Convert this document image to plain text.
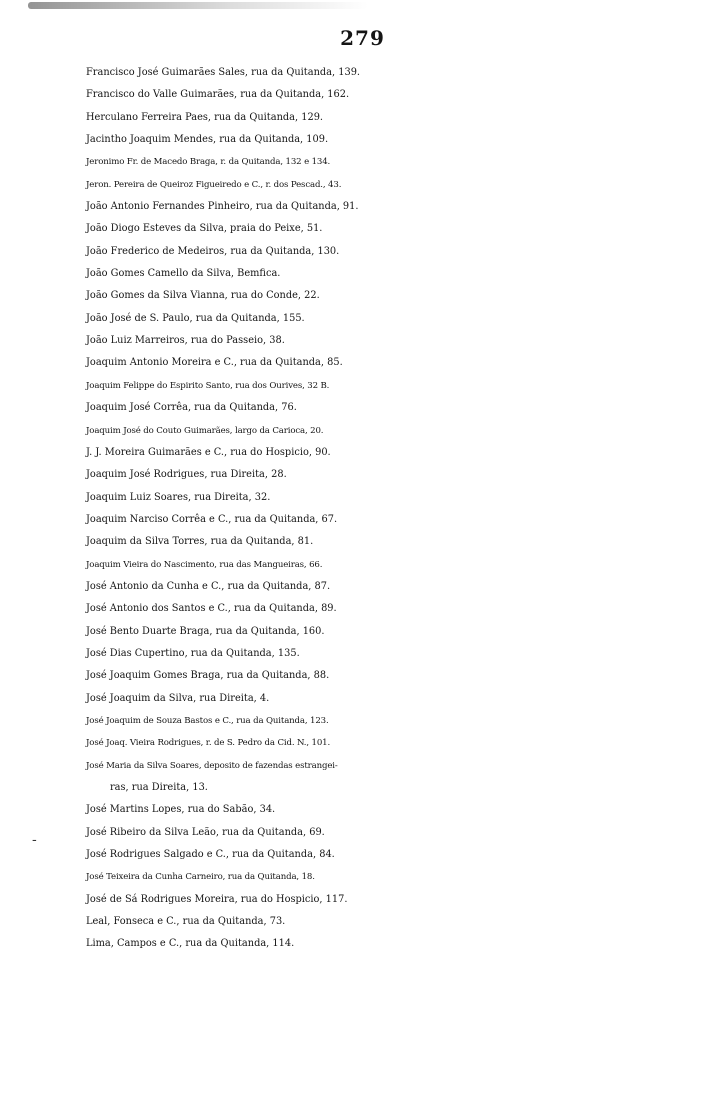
279
Francisco José Guimarães Sales, rua da Quitanda, 139.
Francisco do Valle Guimarães, rua da Quitanda, 162.
Herculano Ferreira Paes, rua da Quitanda, 129.
Jacintho Joaquim Mendes, rua da Quitanda, 109.
Jeronimo Fr. de Macedo Braga, r. da Quitanda, 132 e 134.
Jeron. Pereira de Queiroz Figueiredo e C., r. dos Pescad., 43.
João Antonio Fernandes Pinheiro, rua da Quitanda, 91.
João Diogo Esteves da Silva, praia do Peixe, 51.
João Frederico de Medeiros, rua da Quitanda, 130.
João Gomes Camello da Silva, Bemfica.
João Gomes da Silva Vianna, rua do Conde, 22.
João José de S. Paulo, rua da Quitanda, 155.
João Luiz Marreiros, rua do Passeio, 38.
Joaquim Antonio Moreira e C., rua da Quitanda, 85.
Joaquim Felippe do Espirito Santo, rua dos Ourives, 32 B.
Joaquim José Corrêa, rua da Quitanda, 76.
Joaquim José do Couto Guimarães, largo da Carioca, 20.
J. J. Moreira Guimarães e C., rua do Hospicio, 90.
Joaquim José Rodrigues, rua Direita, 28.
Joaquim Luiz Soares, rua Direita, 32.
Joaquim Narciso Corrêa e C., rua da Quitanda, 67.
Joaquim da Silva Torres, rua da Quitanda, 81.
Joaquim Vieira do Nascimento, rua das Mangueiras, 66.
José Antonio da Cunha e C., rua da Quitanda, 87.
José Antonio dos Santos e C., rua da Quitanda, 89.
José Bento Duarte Braga, rua da Quitanda, 160.
José Dias Cupertino, rua da Quitanda, 135.
José Joaquim Gomes Braga, rua da Quitanda, 88.
José Joaquim da Silva, rua Direita, 4.
José Joaquim de Souza Bastos e C., rua da Quitanda, 123.
José Joaq. Vieira Rodrigues, r. de S. Pedro da Cid. N., 101.
José Maria da Silva Soares, deposito de fazendas estrangei-
ras, rua Direita, 13.
José Martins Lopes, rua do Sabão, 34.
José Ribeiro da Silva Leão, rua da Quitanda, 69.
José Rodrigues Salgado e C., rua da Quitanda, 84.
José Teixeira da Cunha Carneiro, rua da Quitanda, 18.
José de Sá Rodrigues Moreira, rua do Hospicio, 117.
Leal, Fonseca e C., rua da Quitanda, 73.
Lima, Campos e C., rua da Quitanda, 114.
-
